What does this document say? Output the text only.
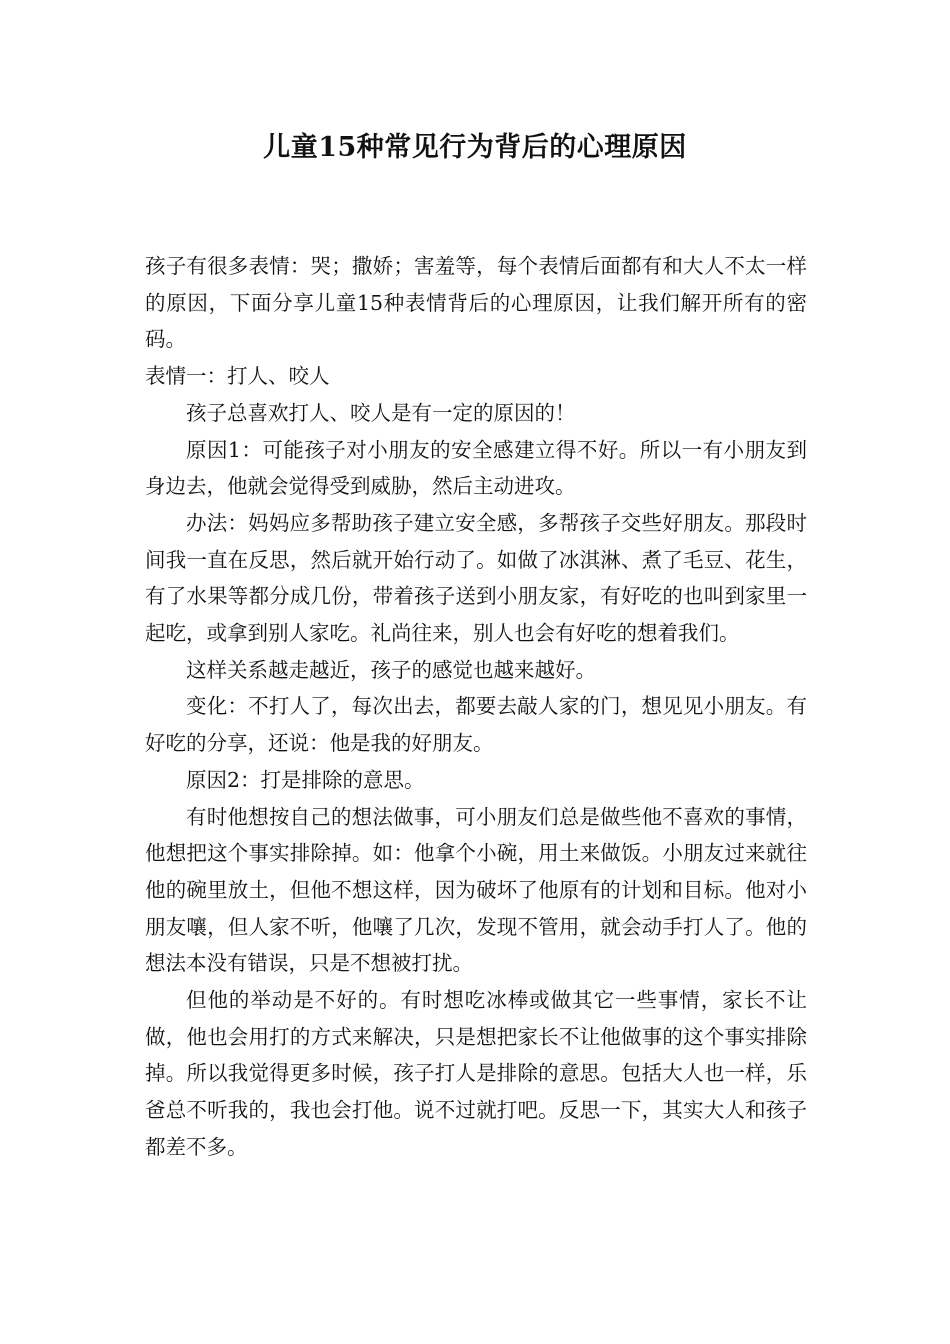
儿童15种常见行为背后的心理原因

孩子有很多表情：哭；撒娇；害羞等，每个表情后面都有和大人不太一样的原因，下面分享儿童15种表情背后的心理原因，让我们解开所有的密码。

表情一：打人、咬人

孩子总喜欢打人、咬人是有一定的原因的！

原因1：可能孩子对小朋友的安全感建立得不好。所以一有小朋友到身边去，他就会觉得受到威胁，然后主动进攻。

办法：妈妈应多帮助孩子建立安全感，多帮孩子交些好朋友。那段时间我一直在反思，然后就开始行动了。如做了冰淇淋、煮了毛豆、花生，有了水果等都分成几份，带着孩子送到小朋友家，有好吃的也叫到家里一起吃，或拿到别人家吃。礼尚往来，别人也会有好吃的想着我们。

这样关系越走越近，孩子的感觉也越来越好。

变化：不打人了，每次出去，都要去敲人家的门，想见见小朋友。有好吃的分享，还说：他是我的好朋友。

原因2：打是排除的意思。

有时他想按自己的想法做事，可小朋友们总是做些他不喜欢的事情，他想把这个事实排除掉。如：他拿个小碗，用土来做饭。小朋友过来就往他的碗里放土，但他不想这样，因为破坏了他原有的计划和目标。他对小朋友嚷，但人家不听，他嚷了几次，发现不管用，就会动手打人了。他的想法本没有错误，只是不想被打扰。

但他的举动是不好的。有时想吃冰棒或做其它一些事情，家长不让做，他也会用打的方式来解决，只是想把家长不让他做事的这个事实排除掉。所以我觉得更多时候，孩子打人是排除的意思。包括大人也一样，乐爸总不听我的，我也会打他。说不过就打吧。反思一下，其实大人和孩子都差不多。
